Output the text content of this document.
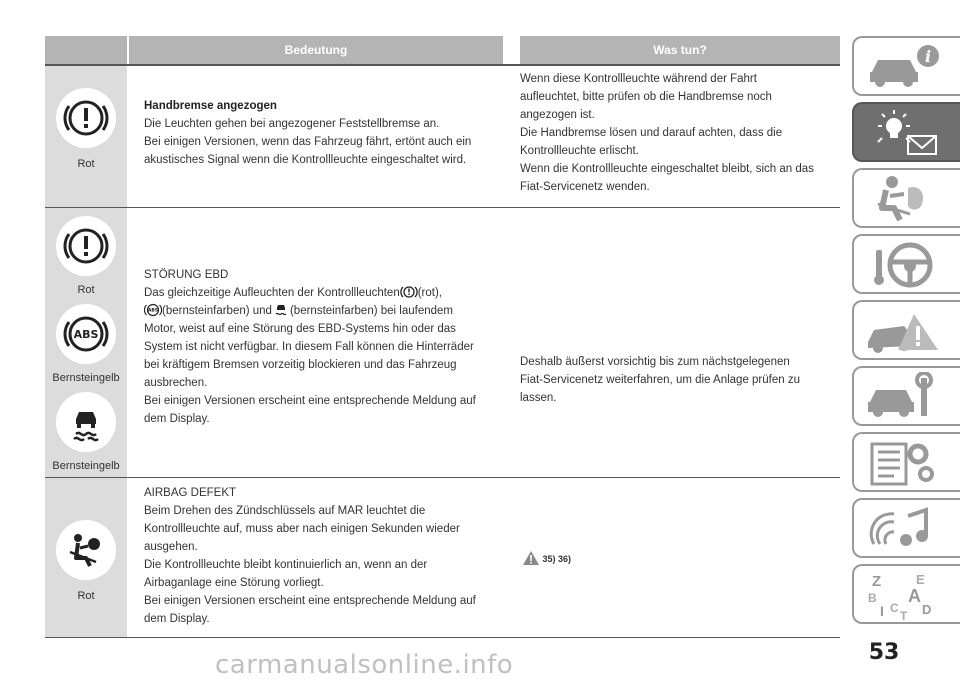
Bedeutung	Was tun?
Rot

Handbremse angezogen

Die Leuchten gehen bei angezogener Feststellbremse an.

Bei einigen Versionen, wenn das Fahrzeug fährt, ertönt auch ein

akustisches Signal wenn die Kontrollleuchte eingeschaltet wird.

Wenn diese Kontrollleuchte während der Fahrt

aufleuchtet, bitte prüfen ob die Handbremse noch

angezogen ist.

Die Handbremse lösen und darauf achten, dass die

Kontrollleuchte erlischt.

Wenn die Kontrollleuchte eingeschaltet bleibt, sich an das

Fiat-Servicenetz wenden.

Rot
ABS
Bernsteingelb
Bernsteingelb

STÖRUNG EBD

Das gleichzeitige Aufleuchten der Kontrollleuchten (rot),

ABS (bernsteinfarben) und (bernsteinfarben) bei laufendem

Motor, weist auf eine Störung des EBD-Systems hin oder das

System ist nicht verfügbar. In diesem Fall können die Hinterräder

bei kräftigem Bremsen vorzeitig blockieren und das Fahrzeug

ausbrechen.

Bei einigen Versionen erscheint eine entsprechende Meldung auf

dem Display.

Deshalb äußerst vorsichtig bis zum nächstgelegenen

Fiat-Servicenetz weiterfahren, um die Anlage prüfen zu

lassen.

Rot

AIRBAG DEFEKT

Beim Drehen des Zündschlüssels auf MAR leuchtet die

Kontrollleuchte auf, muss aber nach einigen Sekunden wieder

ausgehen.

Die Kontrollleuchte bleibt kontinuierlich an, wenn an der

Airbaganlage eine Störung vorliegt.

Bei einigen Versionen erscheint eine entsprechende Meldung auf

dem Display.

35) 36)
i
Z	E
B A
I C D
T
53
carmanualsonline.info
